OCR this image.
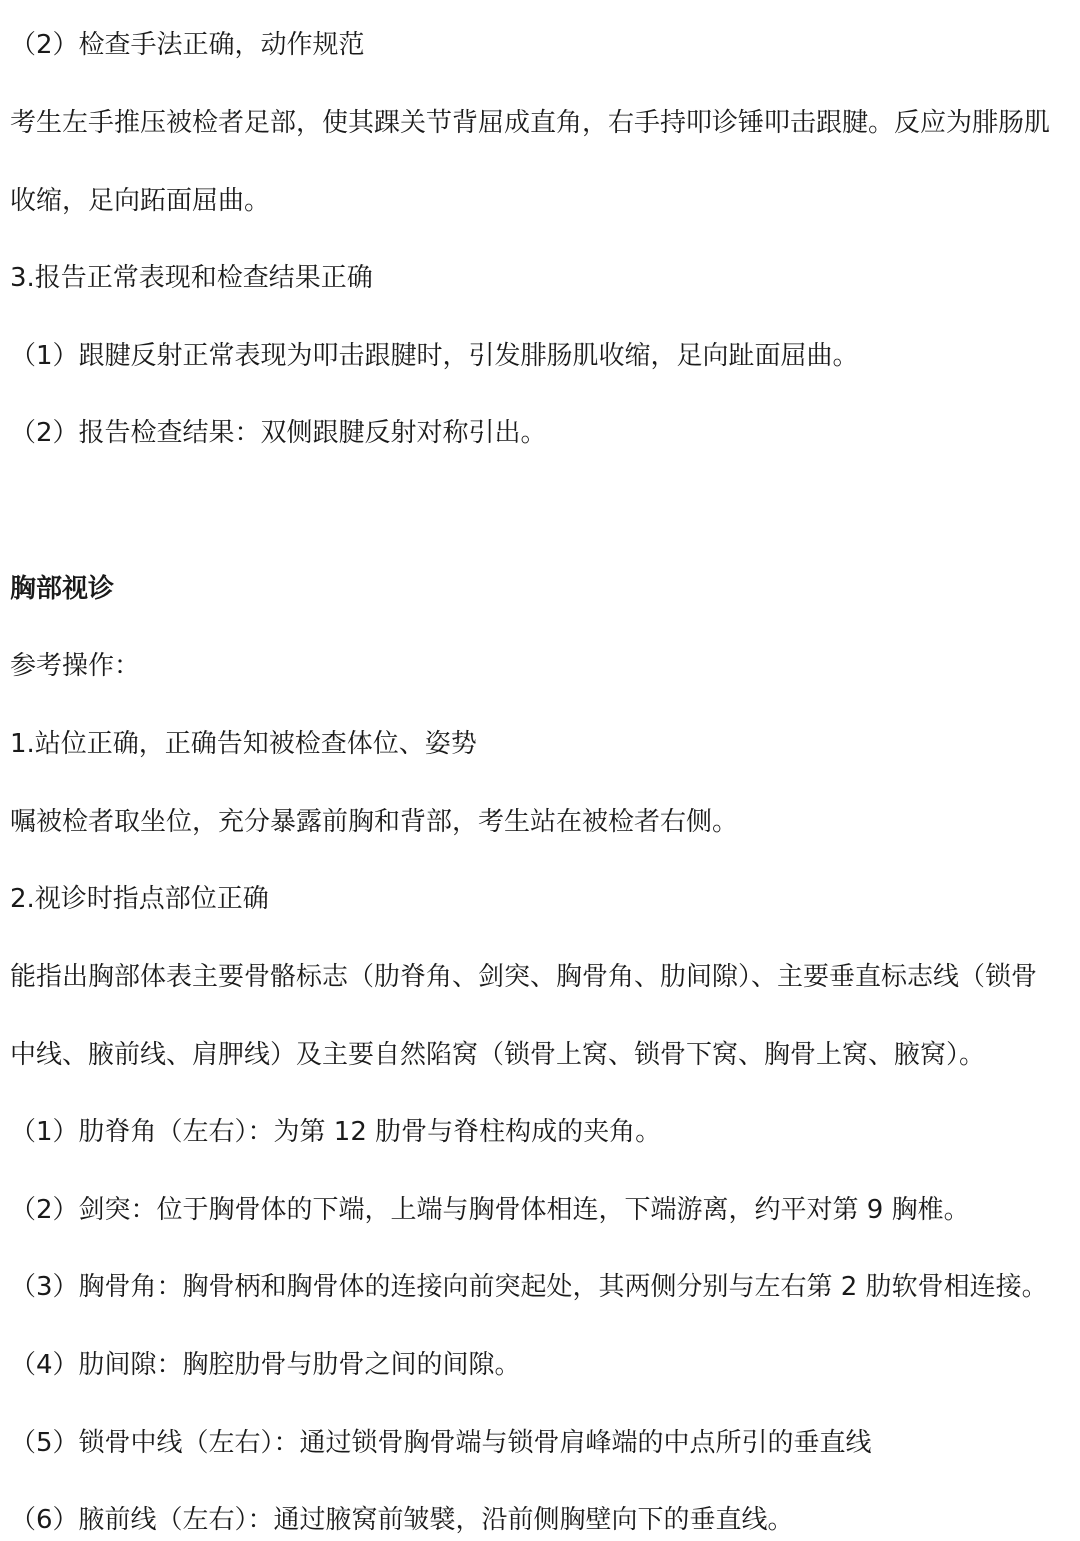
（2）检查手法正确，动作规范
考生左手推压被检者足部，使其踝关节背屈成直角，右手持叩诊锤叩击跟腱。反应为腓肠肌
收缩，足向跖面屈曲。
3.报告正常表现和检查结果正确
（1）跟腱反射正常表现为叩击跟腱时，引发腓肠肌收缩，足向趾面屈曲。
（2）报告检查结果：双侧跟腱反射对称引出。
胸部视诊
参考操作：
1.站位正确，正确告知被检查体位、姿势
嘱被检者取坐位，充分暴露前胸和背部，考生站在被检者右侧。
2.视诊时指点部位正确
能指出胸部体表主要骨骼标志（肋脊角、剑突、胸骨角、肋间隙）、主要垂直标志线（锁骨
中线、腋前线、肩胛线）及主要自然陷窝（锁骨上窝、锁骨下窝、胸骨上窝、腋窝）。
（1）肋脊角（左右）：为第 12 肋骨与脊柱构成的夹角。
（2）剑突：位于胸骨体的下端，上端与胸骨体相连，下端游离，约平对第 9 胸椎。
（3）胸骨角：胸骨柄和胸骨体的连接向前突起处，其两侧分别与左右第 2 肋软骨相连接。
（4）肋间隙：胸腔肋骨与肋骨之间的间隙。
（5）锁骨中线（左右）：通过锁骨胸骨端与锁骨肩峰端的中点所引的垂直线
（6）腋前线（左右）：通过腋窝前皱襞，沿前侧胸壁向下的垂直线。
